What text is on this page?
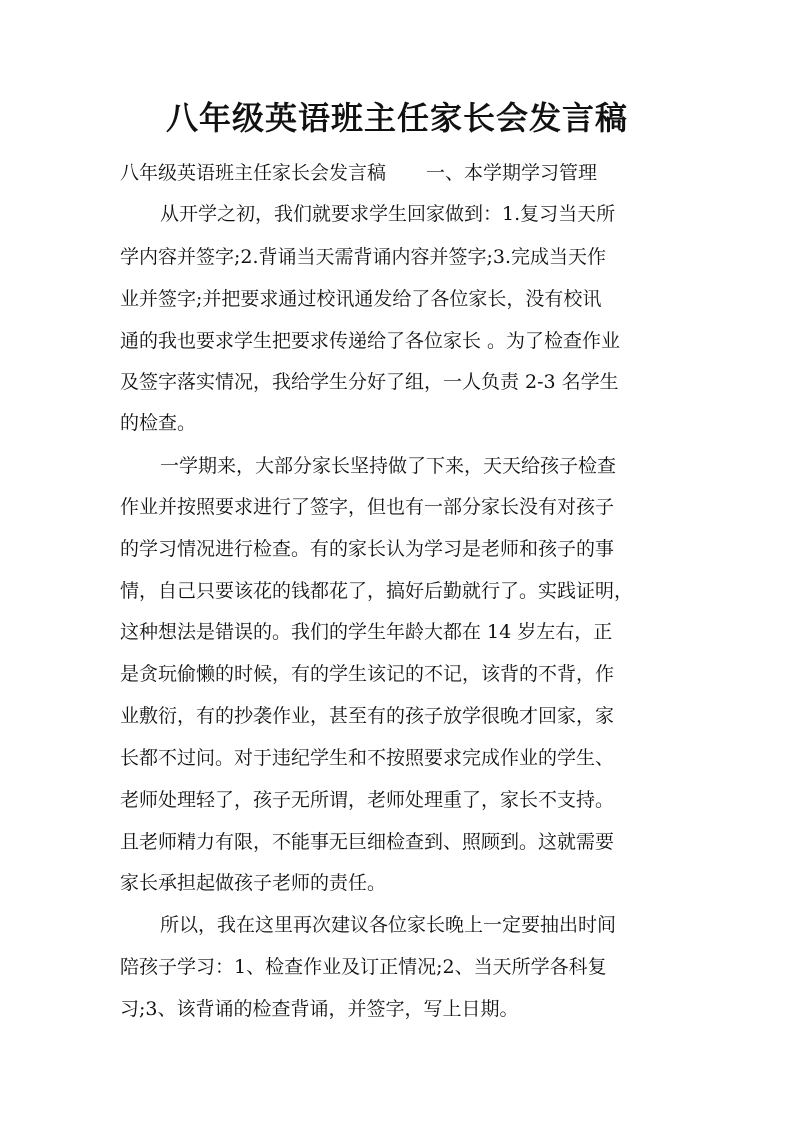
八年级英语班主任家长会发言稿

八年级英语班主任家长会发言稿 一、本学期学习管理

从开学之初，我们就要求学生回家做到：1.复习当天所

学内容并签字;2.背诵当天需背诵内容并签字;3.完成当天作

业并签字;并把要求通过校讯通发给了各位家长，没有校讯

通的我也要求学生把要求传递给了各位家长 。为了检查作业

及签字落实情况，我给学生分好了组，一人负责 2-3 名学生

的检查。

一学期来，大部分家长坚持做了下来，天天给孩子检查

作业并按照要求进行了签字，但也有一部分家长没有对孩子

的学习情况进行检查。有的家长认为学习是老师和孩子的事

情，自己只要该花的钱都花了，搞好后勤就行了。实践证明，

这种想法是错误的。我们的学生年龄大都在 14 岁左右，正

是贪玩偷懒的时候，有的学生该记的不记，该背的不背，作

业敷衍，有的抄袭作业，甚至有的孩子放学很晚才回家，家

长都不过问。对于违纪学生和不按照要求完成作业的学生、

老师处理轻了，孩子无所谓，老师处理重了，家长不支持。

且老师精力有限，不能事无巨细检查到、照顾到。这就需要

家长承担起做孩子老师的责任。

所以，我在这里再次建议各位家长晚上一定要抽出时间

陪孩子学习：1、检查作业及订正情况;2、当天所学各科复

习;3、该背诵的检查背诵，并签字，写上日期。
